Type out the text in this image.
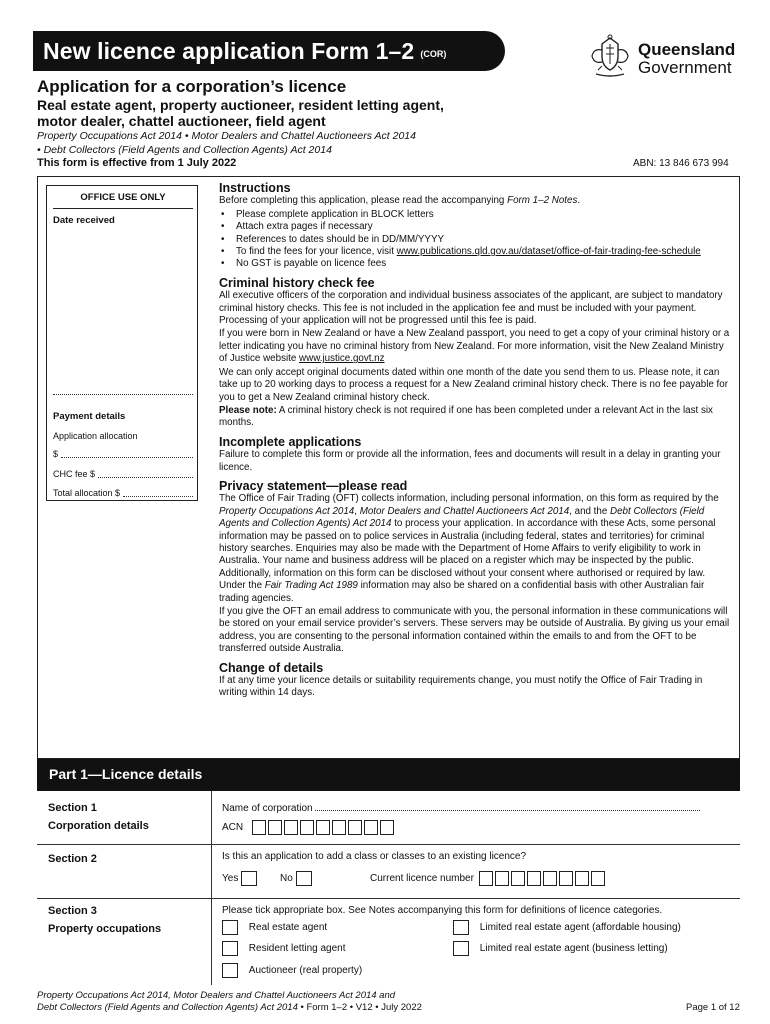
New licence application Form 1–2 (COR)	Queensland
Government
Application for a corporation’s licence
Real estate agent, property auctioneer, resident letting agent, motor dealer, chattel auctioneer, field agent
Property Occupations Act 2014 • Motor Dealers and Chattel Auctioneers Act 2014
• Debt Collectors (Field Agents and Collection Agents) Act 2014
This form is effective from 1 July 2022	ABN: 13 846 673 994
OFFICE USE ONLY
Date received
Payment details
Application allocation
$
CHC fee $
Total allocation $
Instructions

Before completing this application, please read the accompanying Form 1–2 Notes.

• Please complete application in BLOCK letters
• Attach extra pages if necessary
• References to dates should be in DD/MM/YYYY
• To find the fees for your licence, visit www.publications.qld.gov.au/dataset/office-of-fair-trading-fee-schedule
• No GST is payable on licence fees
Criminal history check fee

All executive officers of the corporation and individual business associates of the applicant, are subject to mandatory criminal history checks. This fee is not included in the application fee and must be included with your payment. Processing of your application will not be progressed until this fee is paid.

If you were born in New Zealand or have a New Zealand passport, you need to get a copy of your criminal history or a letter indicating you have no criminal history from New Zealand. For more information, visit the New Zealand Ministry of Justice website www.justice.govt.nz

We can only accept original documents dated within one month of the date you send them to us. Please note, it can take up to 20 working days to process a request for a New Zealand criminal history check. There is no fee payable for you to get a New Zealand criminal history check.

Please note: A criminal history check is not required if one has been completed under a relevant Act in the last six months.

Incomplete applications

Failure to complete this form or provide all the information, fees and documents will result in a delay in granting your licence.

Privacy statement—please read

The Office of Fair Trading (OFT) collects information, including personal information, on this form as required by the Property Occupations Act 2014, Motor Dealers and Chattel Auctioneers Act 2014, and the Debt Collectors (Field Agents and Collection Agents) Act 2014 to process your application. In accordance with these Acts, some personal information may be passed on to police services in Australia (including federal, states and territories) for criminal history searches. Enquiries may also be made with the Department of Home Affairs to verify eligibility to work in Australia. Your name and business address will be placed on a register which may be inspected by the public. Additionally, information on this form can be disclosed without your consent where authorised or required by law. Under the Fair Trading Act 1989 information may also be shared on a confidential basis with other Australian fair trading agencies.

If you give the OFT an email address to communicate with you, the personal information in these communications will be stored on your email service provider’s servers. These servers may be outside of Australia. By giving us your email address, you are consenting to the personal information contained within the emails to and from the OFT to be transferred outside Australia.

Change of details

If at any time your licence details or suitability requirements change, you must notify the Office of Fair Trading in writing within 14 days.

Part 1—Licence details
Section 1
Corporation details
Name of corporation
ACN
Section 2	Is this an application to add a class or classes to an existing licence?
Yes	No	Current licence number
Section 3
Property occupations
Please tick appropriate box. See Notes accompanying this form for definitions of licence categories.
Real estate agent	Limited real estate agent (affordable housing)
Resident letting agent	Limited real estate agent (business letting)
Auctioneer (real property)
Property Occupations Act 2014, Motor Dealers and Chattel Auctioneers Act 2014 and
Debt Collectors (Field Agents and Collection Agents) Act 2014 • Form 1–2 • V12 • July 2022	Page 1 of 12
